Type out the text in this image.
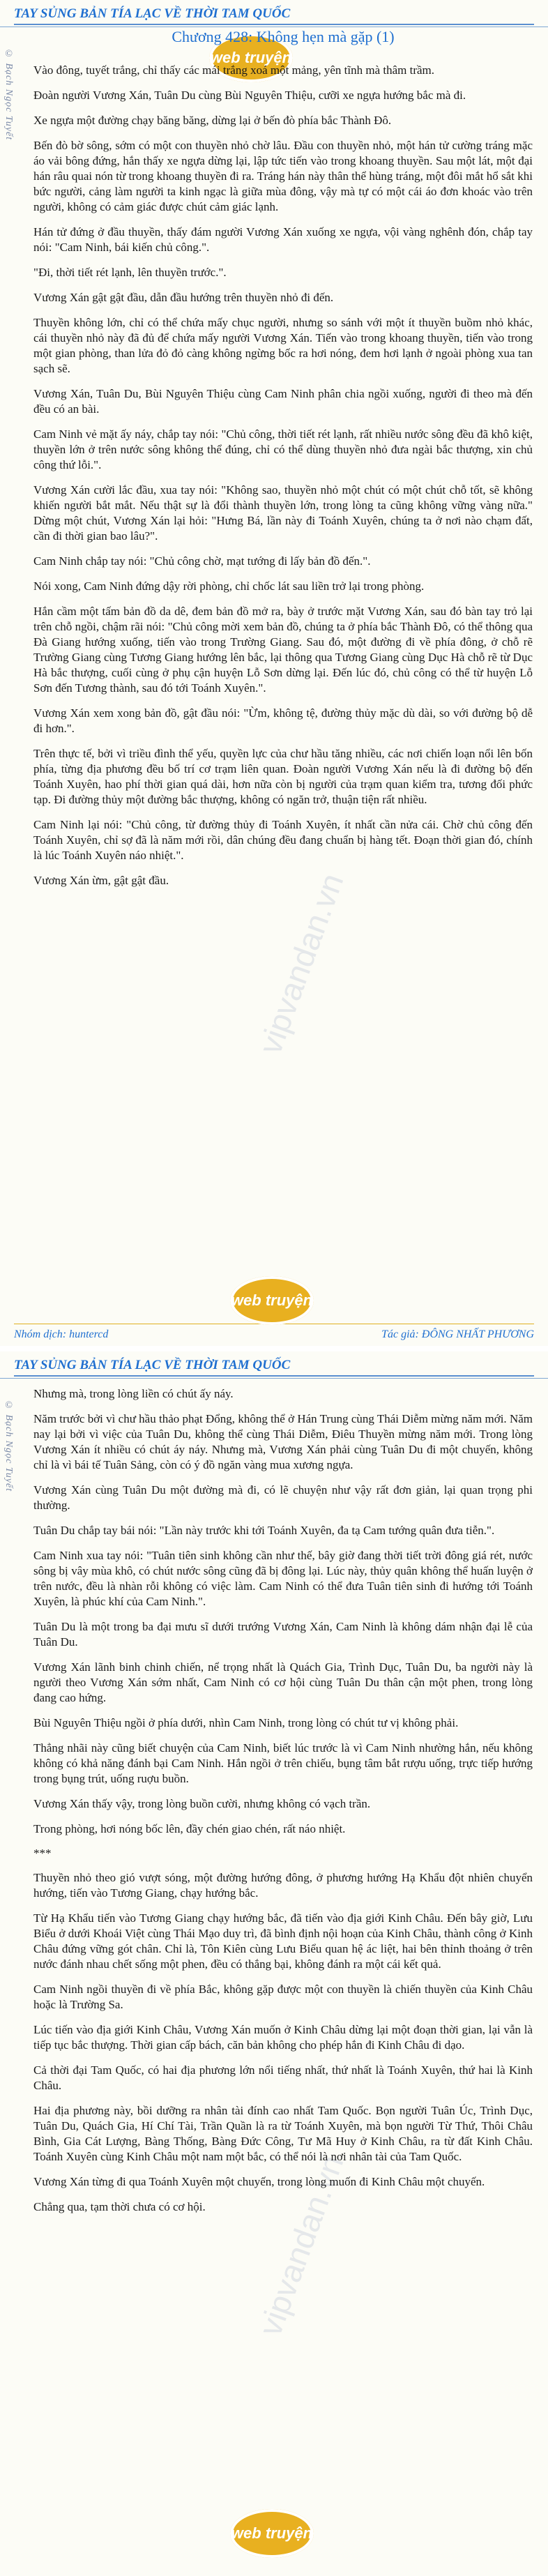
TAY SỦNG BẢN TÍA LẠC VỀ THỜI TAM QUỐC
© Bạch Ngọc Tuyết
vipvandan.vn
web truyện
Chương 428: Không hẹn mà gặp (1)

Vào đông, tuyết trắng, chỉ thấy các mái trắng xoá một mảng, yên tĩnh mà thâm trầm.

Đoàn người Vương Xán, Tuân Du cùng Bùi Nguyên Thiệu, cưỡi xe ngựa hướng bắc mà đi.

Xe ngựa một đường chạy băng băng, dừng lại ở bến đò phía bắc Thành Đô.

Bến đò bờ sông, sớm có một con thuyền nhỏ chờ lâu. Đầu con thuyền nhỏ, một hán tử cường tráng mặc áo vải bông đứng, hắn thấy xe ngựa dừng lại, lập tức tiến vào trong khoang thuyền. Sau một lát, một đại hán râu quai nón từ trong khoang thuyền đi ra. Tráng hán này thân thể hùng tráng, một đôi mắt hổ sắt khi bức người, cảng làm người ta kinh ngạc là giữa mùa đông, vậy mà tự có một cái áo đơn khoác vào trên người, không có cảm giác được chút cảm giác lạnh.

Hán tử đứng ở đầu thuyền, thấy đám người Vương Xán xuống xe ngựa, vội vàng nghênh đón, chắp tay nói: "Cam Ninh, bái kiến chủ công.".

"Đi, thời tiết rét lạnh, lên thuyền trước.".

Vương Xán gật gật đầu, dẫn đầu hướng trên thuyền nhỏ đi đến.

Thuyền không lớn, chỉ có thể chứa mấy chục người, nhưng so sánh với một ít thuyền buồm nhỏ khác, cái thuyền nhỏ này đã đủ để chứa mấy người Vương Xán. Tiến vào trong khoang thuyền, tiến vào trong một gian phòng, than lửa đỏ đỏ càng không ngừng bốc ra hơi nóng, đem hơi lạnh ở ngoài phòng xua tan sạch sẽ.

Vương Xán, Tuân Du, Bùi Nguyên Thiệu cùng Cam Ninh phân chia ngồi xuống, người đi theo mà đến đều có an bài.

Cam Ninh vẻ mặt ấy náy, chắp tay nói: "Chủ công, thời tiết rét lạnh, rất nhiều nước sông đều đã khô kiệt, thuyền lớn ở trên nước sông không thể đúng, chỉ có thể dùng thuyền nhỏ đưa ngài bắc thượng, xin chủ công thứ lỗi.".

Vương Xán cười lắc đầu, xua tay nói: "Không sao, thuyền nhỏ một chút có một chút chỗ tốt, sẽ không khiến người bắt mắt. Nếu thật sự là đổi thành thuyền lớn, trong lòng ta cũng không vững vàng nữa." Dừng một chút, Vương Xán lại hỏi: "Hưng Bá, lần này đi Toánh Xuyên, chúng ta ở nơi nào chạm đất, cần đi thời gian bao lâu?".

Cam Ninh chắp tay nói: "Chủ công chờ, mạt tướng đi lấy bản đồ đến.".

Nói xong, Cam Ninh đứng dậy rời phòng, chỉ chốc lát sau liền trở lại trong phòng.

Hắn cầm một tấm bản đồ da dê, đem bản đồ mở ra, bày ở trước mặt Vương Xán, sau đó bàn tay trỏ lại trên chỗ ngồi, chậm rãi nói: "Chủ công mời xem bản đồ, chúng ta ở phía bắc Thành Đô, có thể thông qua Đà Giang hướng xuống, tiến vào trong Trường Giang. Sau đó, một đường đi về phía đông, ở chỗ rẽ Trường Giang cùng Tương Giang hướng lên bắc, lại thông qua Tương Giang cùng Dục Hà chỗ rẽ từ Dục Hà bắc thượng, cuối cùng ở phụ cận huyện Lỗ Sơn dừng lại. Đến lúc đó, chủ công có thể từ huyện Lỗ Sơn đến Tương thành, sau đó tới Toánh Xuyên.".

Vương Xán xem xong bản đồ, gật đầu nói: "Ừm, không tệ, đường thủy mặc dù dài, so với đường bộ dễ đi hơn.".

Trên thực tế, bởi vì triều đình thể yếu, quyền lực của chư hầu tăng nhiều, các nơi chiến loạn nổi lên bốn phía, từng địa phương đều bố trí cơ trạm liên quan. Đoàn người Vương Xán nếu là đi đường bộ đến Toánh Xuyên, hao phí thời gian quá dài, hơn nữa còn bị người của trạm quan kiểm tra, tương đối phức tạp. Đi đường thủy một đường bắc thượng, không có ngăn trở, thuận tiện rất nhiều.

Cam Ninh lại nói: "Chủ công, từ đường thủy đi Toánh Xuyên, ít nhất cần nửa cái. Chờ chủ công đến Toánh Xuyên, chỉ sợ đã là năm mới rồi, dân chúng đều đang chuẩn bị hàng tết. Đoạn thời gian đó, chính là lúc Toánh Xuyên náo nhiệt.".

Vương Xán ừm, gật gật đầu.

Nhóm dịch: huntercd	Tác giả: ĐÔNG NHẤT PHƯƠNG
web truyện
TAY SỦNG BẢN TÍA LẠC VỀ THỜI TAM QUỐC
© Bạch Ngọc Tuyết
vipvandan.vn

Nhưng mà, trong lòng liền có chút ấy náy.

Năm trước bởi vì chư hầu thảo phạt Đổng, không thể ở Hán Trung cùng Thái Diễm mừng năm mới. Năm nay lại bởi vì việc của Tuân Du, không thể cùng Thái Diễm, Điêu Thuyền mừng năm mới. Trong lòng Vương Xán ít nhiều có chút áy náy. Nhưng mà, Vương Xán phải cùng Tuân Du đi một chuyến, không chỉ là vì bái tế Tuân Sảng, còn có ý đồ ngăn vàng mua xương ngựa.

Vương Xán cùng Tuân Du một đường mà đi, có lẽ chuyện như vậy rất đơn giản, lại quan trọng phi thường.

Tuân Du chắp tay bái nói: "Lần này trước khi tới Toánh Xuyên, đa tạ Cam tướng quân đưa tiễn.".

Cam Ninh xua tay nói: "Tuân tiên sinh không cần như thế, bây giờ đang thời tiết trời đông giá rét, nước sông bị vây mùa khô, có chút nước sông cũng đã bị đông lại. Lúc này, thủy quân không thể huấn luyện ở trên nước, đều là nhàn rỗi không có việc làm. Cam Ninh có thể đưa Tuân tiên sinh đi hướng tới Toánh Xuyên, là phúc khí của Cam Ninh.".

Tuân Du là một trong ba đại mưu sĩ dưới trướng Vương Xán, Cam Ninh là không dám nhận đại lễ của Tuân Du.

Vương Xán lãnh binh chinh chiến, nể trọng nhất là Quách Gia, Trình Dục, Tuân Du, ba người này là người theo Vương Xán sớm nhất, Cam Ninh có cơ hội cùng Tuân Du thân cận một phen, trong lòng đang cao hứng.

Bùi Nguyên Thiệu ngồi ở phía dưới, nhìn Cam Ninh, trong lòng có chút tư vị không phải.

Thẳng nhãi này cũng biết chuyện của Cam Ninh, biết lúc trước là vì Cam Ninh nhường hắn, nếu không không có khả năng đánh bại Cam Ninh. Hắn ngồi ở trên chiếu, bụng tâm bắt rượu uống, trực tiếp hướng trong bụng trút, uống ruợu buồn.

Vương Xán thấy vậy, trong lòng buồn cười, nhưng không có vạch trần.

Trong phòng, hơi nóng bốc lên, đầy chén giao chén, rất náo nhiệt.

***

Thuyền nhỏ theo gió vượt sóng, một đường hướng đông, ở phương hướng Hạ Khẩu đột nhiên chuyển hướng, tiến vào Tương Giang, chạy hướng bắc.

Từ Hạ Khẩu tiến vào Tương Giang chạy hướng bắc, đã tiến vào địa giới Kinh Châu. Đến bây giờ, Lưu Biểu ở dưới Khoái Việt cùng Thái Mạo duy trì, đã bình định nội hoạn của Kinh Châu, thành công ở Kinh Châu đứng vững gót chân. Chỉ là, Tôn Kiên cùng Lưu Biểu quan hệ ác liệt, hai bên thỉnh thoảng ở trên nước đánh nhau chết sống một phen, đều có thắng bại, không đánh ra một cái kết quả.

Cam Ninh ngồi thuyền đi về phía Bắc, không gặp được một con thuyền là chiến thuyền của Kinh Châu hoặc là Trường Sa.

Lúc tiến vào địa giới Kinh Châu, Vương Xán muốn ở Kinh Châu dừng lại một đoạn thời gian, lại vẫn là tiếp tục bắc thượng. Thời gian cấp bách, căn bản không cho phép hắn đi Kinh Châu đi dạo.

Cả thời đại Tam Quốc, có hai địa phương lớn nổi tiếng nhất, thứ nhất là Toánh Xuyên, thứ hai là Kinh Châu.

Hai địa phương này, bồi dưỡng ra nhân tài đính cao nhất Tam Quốc. Bọn người Tuân Úc, Trình Dục, Tuân Du, Quách Gia, Hí Chí Tài, Trần Quần là ra từ Toánh Xuyên, mà bọn người Từ Thứ, Thôi Châu Bình, Gia Cát Lượng, Bàng Thống, Bàng Đức Công, Tư Mã Huy ở Kinh Châu, ra từ đất Kinh Châu. Toánh Xuyên cùng Kinh Châu một nam một bắc, có thể nói là nơi nhân tài của Tam Quốc.

Vương Xán từng đi qua Toánh Xuyên một chuyến, trong lòng muốn đi Kinh Châu một chuyến.

Chẳng qua, tạm thời chưa có cơ hội.

web truyện
